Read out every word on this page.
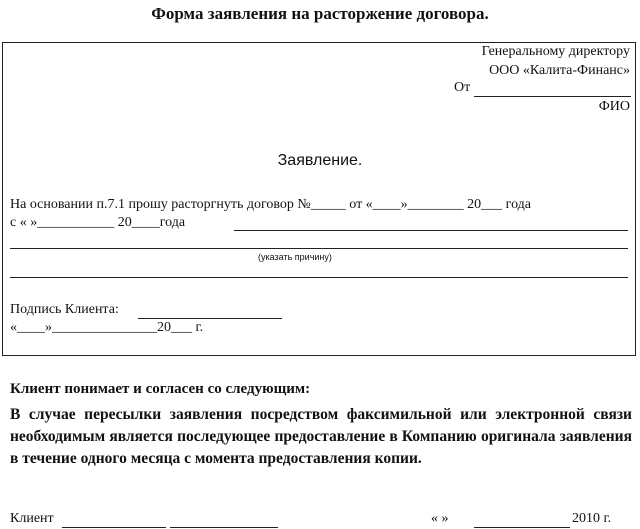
Форма заявления на расторжение договора.
Генеральному директору
ООО «Калита-Финанс»
От
ФИО
Заявление.
На основании п.7.1 прошу расторгнуть договор №_____ от «____»________ 20___ года
с « »___________ 20____года
(указать причину)
Подпись Клиента:
«____»_______________20___ г.
Клиент понимает и согласен со следующим:
В случае пересылки заявления посредством факсимильной или электронной связи необходимым является последующее предоставление в Компанию оригинала заявления в течение одного месяца с момента предоставления копии.
Клиент	« »	2010 г.
